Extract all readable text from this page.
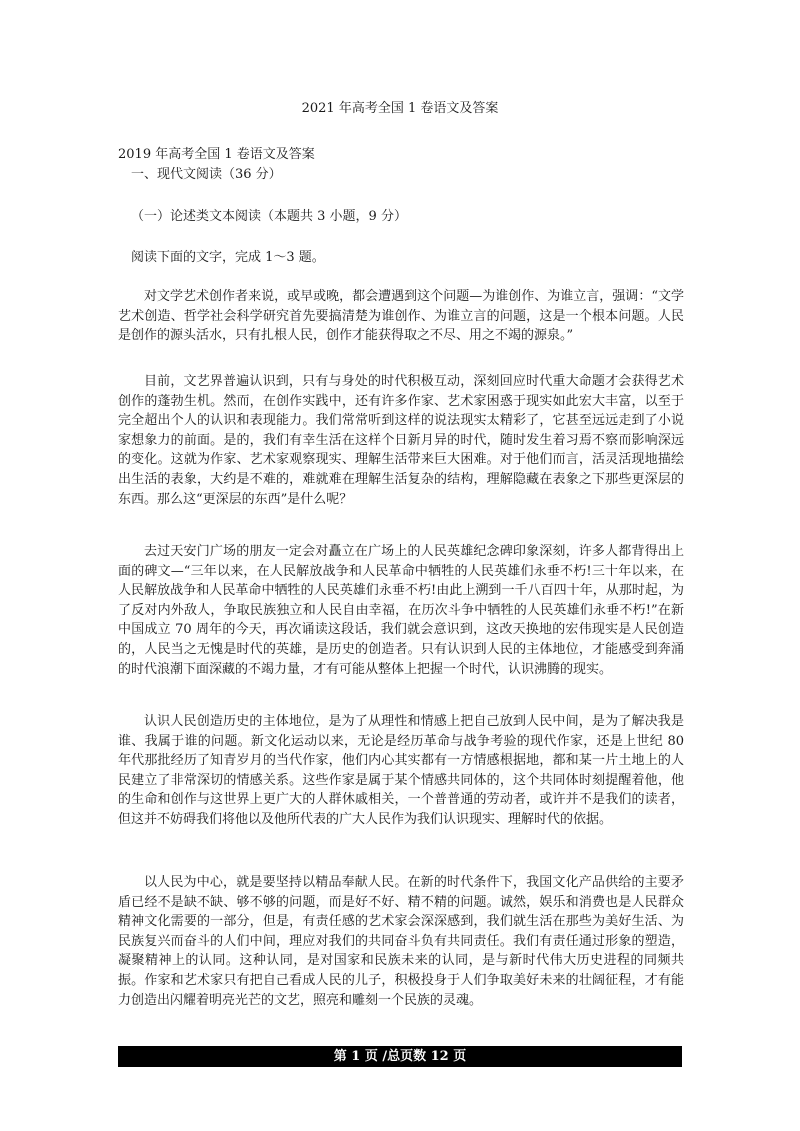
2021 年高考全国 1 卷语文及答案
2019 年高考全国 1 卷语文及答案
一、现代文阅读（36 分）
（一）论述类文本阅读（本题共 3 小题，9 分）
阅读下面的文字，完成 1～3 题。
对文学艺术创作者来说，或早或晚，都会遭遇到这个问题—为谁创作、为谁立言，强调：“文学艺术创造、哲学社会科学研究首先要搞清楚为谁创作、为谁立言的问题，这是一个根本问题。人民是创作的源头活水，只有扎根人民，创作才能获得取之不尽、用之不竭的源泉。”
目前，文艺界普遍认识到，只有与身处的时代积极互动，深刻回应时代重大命题才会获得艺术创作的蓬勃生机。然而，在创作实践中，还有许多作家、艺术家困惑于现实如此宏大丰富，以至于完全超出个人的认识和表现能力。我们常常听到这样的说法现实太精彩了，它甚至远远走到了小说家想象力的前面。是的，我们有幸生活在这样个日新月异的时代，随时发生着习焉不察而影响深远的变化。这就为作家、艺术家观察现实、理解生活带来巨大困难。对于他们而言，活灵活现地描绘出生活的表象，大约是不难的，难就难在理解生活复杂的结构，理解隐藏在表象之下那些更深层的东西。那么这“更深层的东西”是什么呢？
去过天安门广场的朋友一定会对矗立在广场上的人民英雄纪念碑印象深刻，许多人都背得出上面的碑文—“三年以来，在人民解放战争和人民革命中牺牲的人民英雄们永垂不朽!三十年以来，在人民解放战争和人民革命中牺牲的人民英雄们永垂不朽!由此上溯到一千八百四十年，从那时起，为了反对内外敌人，争取民族独立和人民自由幸福，在历次斗争中牺牲的人民英雄们永垂不朽!”在新中国成立 70 周年的今天，再次诵读这段话，我们就会意识到，这改天换地的宏伟现实是人民创造的，人民当之无愧是时代的英雄，是历史的创造者。只有认识到人民的主体地位，才能感受到奔涌的时代浪潮下面深藏的不竭力量，才有可能从整体上把握一个时代，认识沸腾的现实。
认识人民创造历史的主体地位，是为了从理性和情感上把自己放到人民中间，是为了解决我是谁、我属于谁的问题。新文化运动以来，无论是经历革命与战争考验的现代作家，还是上世纪 80 年代那批经历了知青岁月的当代作家，他们内心其实都有一方情感根据地，都和某一片土地上的人民建立了非常深切的情感关系。这些作家是属于某个情感共同体的，这个共同体时刻提醒着他，他的生命和创作与这世界上更广大的人群休戚相关，一个普普通的劳动者，或许并不是我们的读者，但这并不妨碍我们将他以及他所代表的广大人民作为我们认识现实、理解时代的依据。
以人民为中心，就是要坚持以精品奉献人民。在新的时代条件下，我国文化产品供给的主要矛盾已经不是缺不缺、够不够的问题，而是好不好、精不精的问题。诚然，娱乐和消费也是人民群众精神文化需要的一部分，但是，有责任感的艺术家会深深感到，我们就生活在那些为美好生活、为民族复兴而奋斗的人们中间，理应对我们的共同奋斗负有共同责任。我们有责任通过形象的塑造，凝聚精神上的认同。这种认同，是对国家和民族未来的认同，是与新时代伟大历史进程的同频共振。作家和艺术家只有把自己看成人民的儿子，积极投身于人们争取美好未来的壮阔征程，才有能力创造出闪耀着明亮光芒的文艺，照亮和雕刻一个民族的灵魂。
第 1 页 /总页数 12 页
